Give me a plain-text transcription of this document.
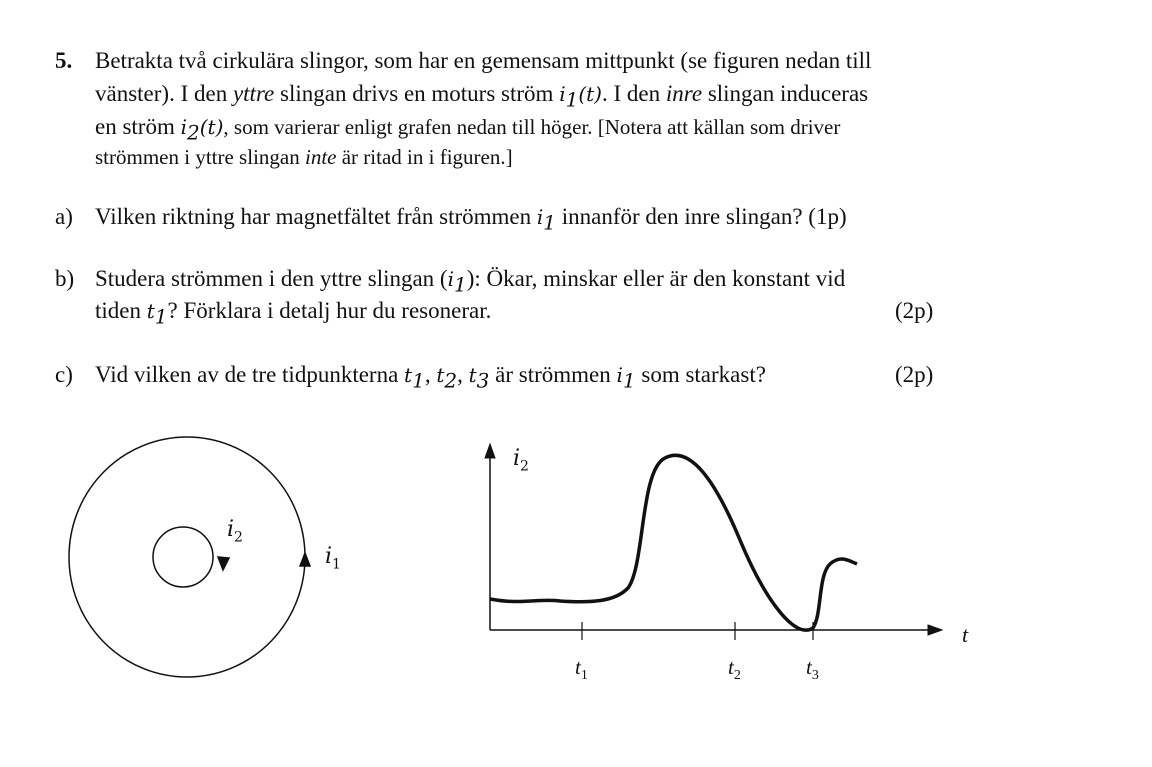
5. Betrakta två cirkulära slingor, som har en gemensam mittpunkt (se figuren nedan till
vänster). I den yttre slingan drivs en moturs ström $i_1(t)$. I den inre slingan induceras
en ström $i_2(t)$, som varierar enligt grafen nedan till höger. [Notera att källan som driver
strömmen i yttre slingan inte är ritad in i figuren.]
a) Vilken riktning har magnetfältet från strömmen $i_1$ innanför den inre slingan? (1p)
b) Studera strömmen i den yttre slingan $(i_1)$: Ökar, minskar eller är den konstant vid
tiden $t_1$? Förklara i detalj hur du resonerar.	(2p)
c) Vid vilken av de tre tidpunkterna $t_1$, $t_2$, $t_3$ är strömmen $i_1$ som starkast?	(2p)
$i_2$
$i_1$
$i_2$
t
$t_1$	$t_2$	$t_3$
